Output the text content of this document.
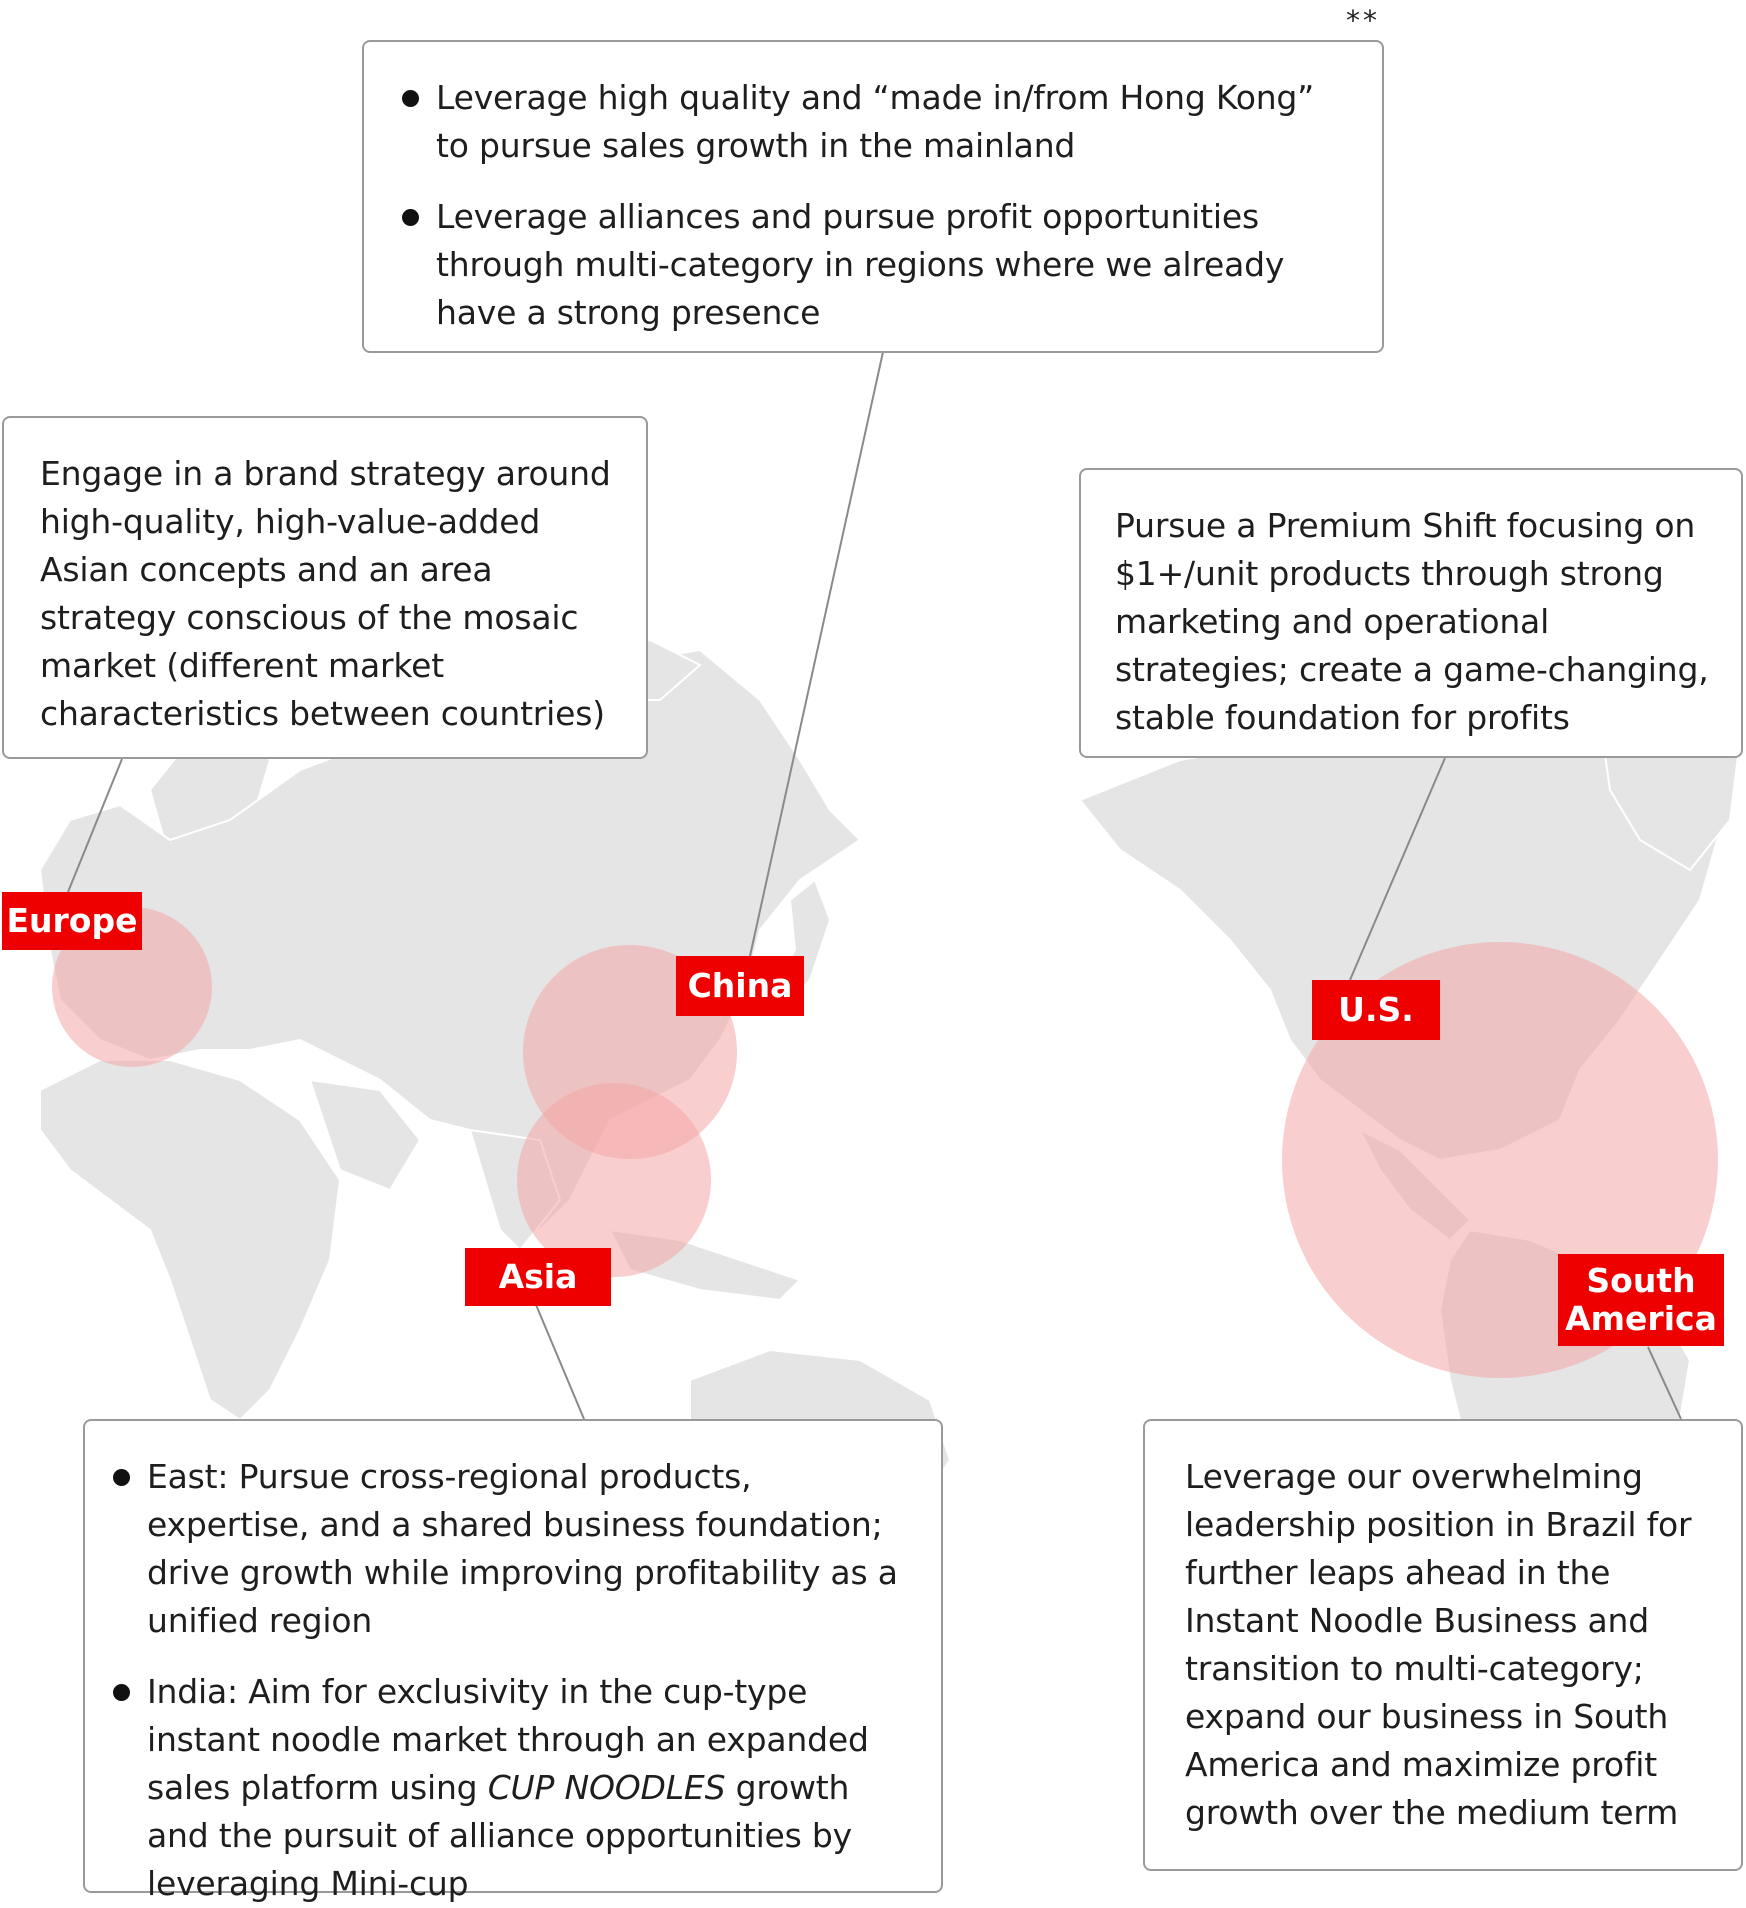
**
Leverage high quality and “made in/from Hong Kong” to pursue sales growth in the mainland
Leverage alliances and pursue profit opportunities through multi-category in regions where we already have a strong presence

Engage in a brand strategy around high-quality, high-value-added Asian concepts and an area strategy conscious of the mosaic market (different market characteristics between countries)

Pursue a Premium Shift focusing on $1+/unit products through strong marketing and operational strategies; create a game-changing, stable foundation for profits

East: Pursue cross-regional products, expertise, and a shared business foundation; drive growth while improving profitability as a unified region
India: Aim for exclusivity in the cup-type instant noodle market through an expanded sales platform using CUP NOODLES growth and the pursuit of alliance opportunities by leveraging Mini-cup

Leverage our overwhelming leadership position in Brazil for further leaps ahead in the Instant Noodle Business and transition to multi-category; expand our business in South America and maximize profit growth over the medium term

Europe
China
U.S.
Asia	South
America
